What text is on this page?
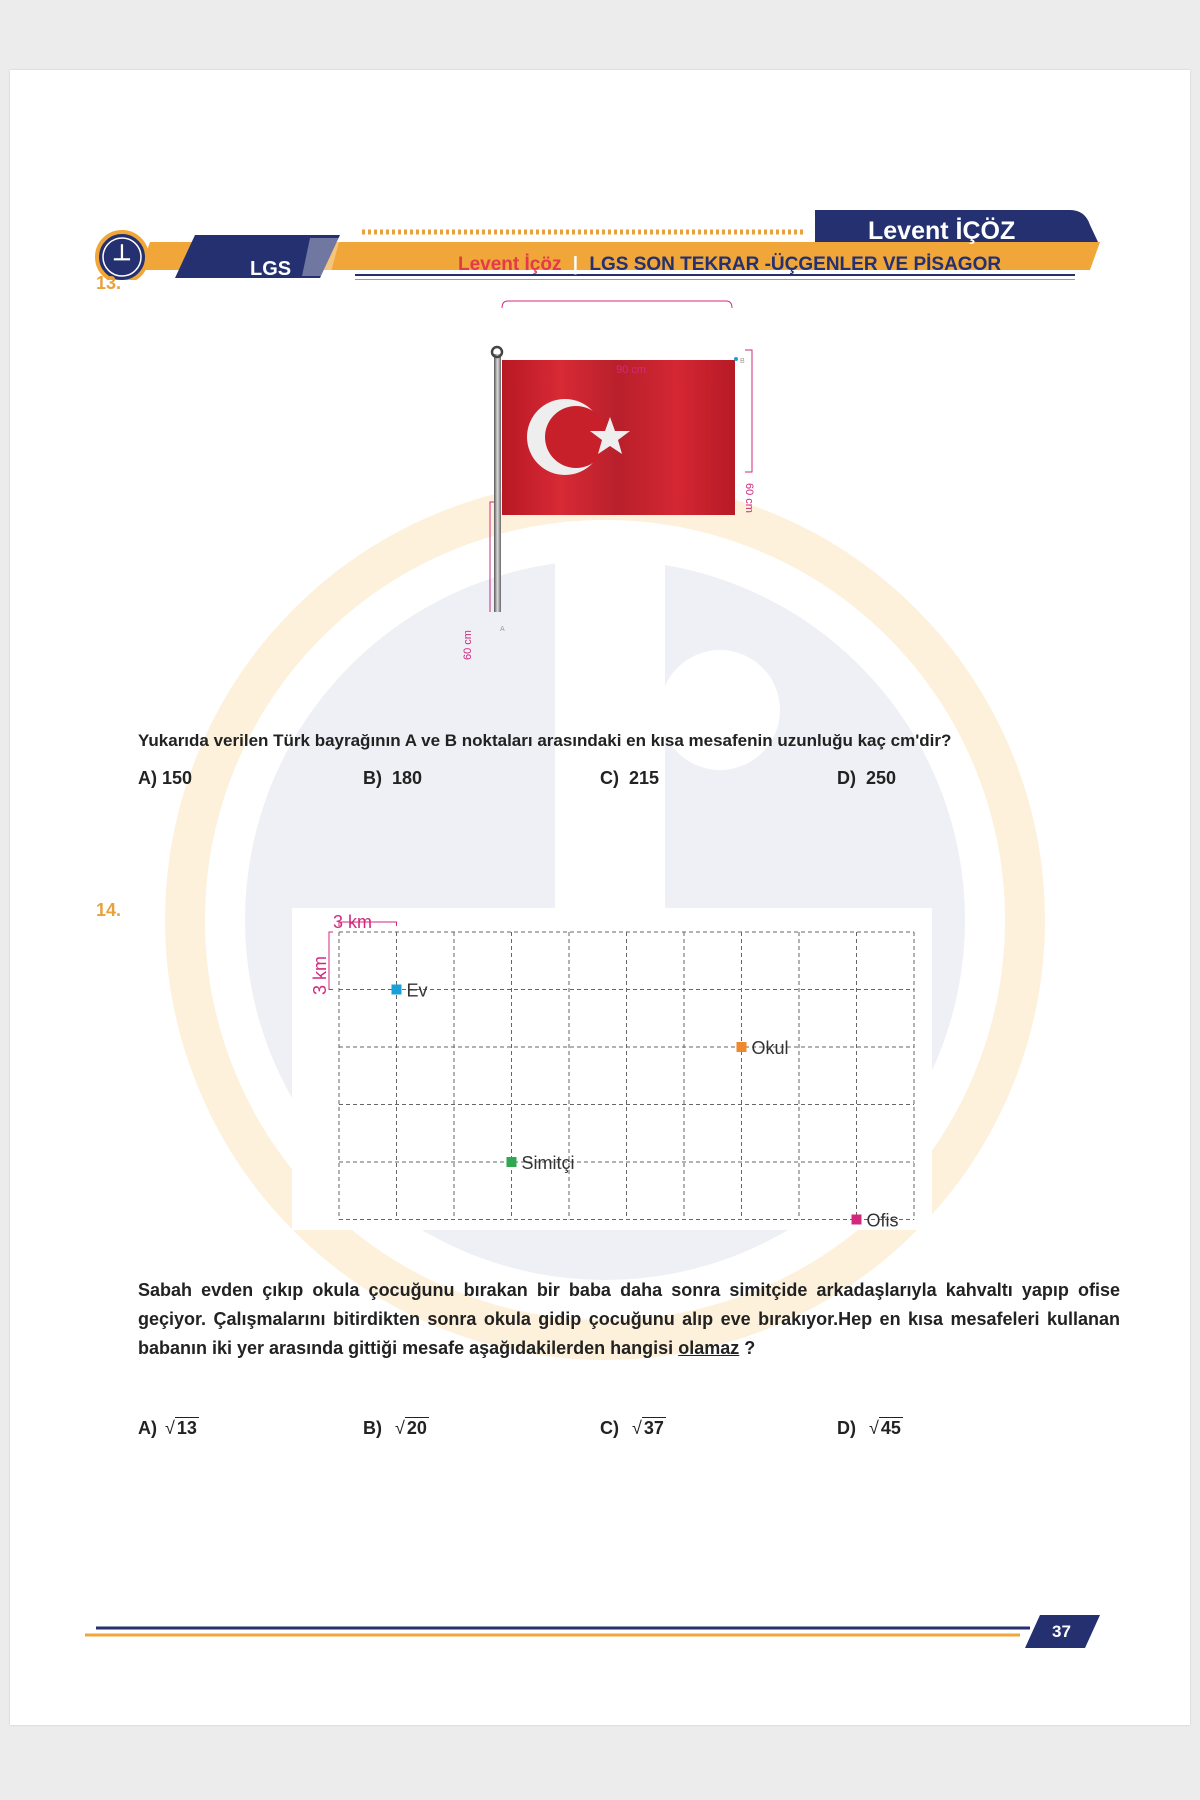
⊥
LGS
Levent İÇÖZ
Levent İçöz | LGS SON TEKRAR -ÜÇGENLER VE PİSAGOR
13.
90 cm
60 cm
60 cm
B
A
Yukarıda verilen Türk bayrağının A ve B noktaları arasındaki en kısa mesafenin uzunluğu kaç cm'dir?
A) 150	B) 180	C) 215	D) 250
14.
Ev
Okul
Simitçi
Ofis
3 km
3 km
Sabah evden çıkıp okula çocuğunu bırakan bir baba daha sonra simitçide arkadaşlarıyla kahvaltı yapıp ofise geçiyor. Çalışmalarını bitirdikten sonra okula gidip çocuğunu alıp eve bırakıyor.Hep en kısa mesafeleri kullanan babanın iki yer arasında gittiği mesafe aşağıdakilerden hangisi olamaz ?
A) √ 13	B) √ 20	C) √ 37	D) √ 45
37
